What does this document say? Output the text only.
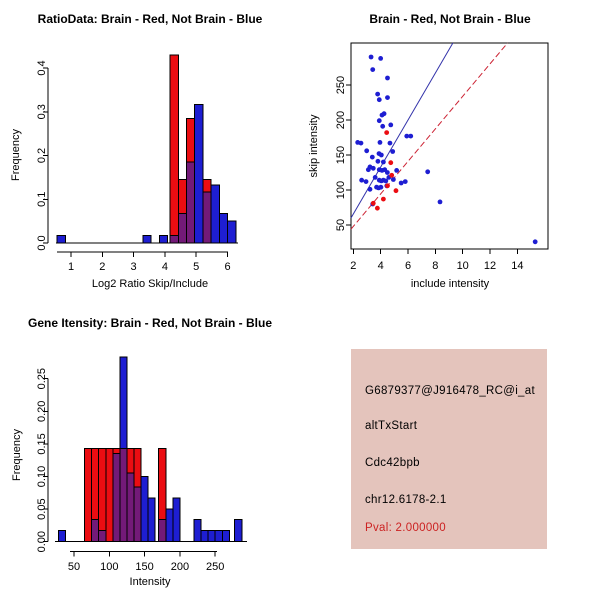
0.0
0.1
0.2
0.3
0.4
1 2 3 4 5 6
RatioData: Brain - Red, Not Brain - Blue
Frequency
Log2 Ratio Skip/Include
2 4 6 8 10 12 14
50
100
150
200
250
Brain - Red, Not Brain - Blue
skip intensity
include intensity
0.00
0.05
0.10
0.15
0.20
0.25
50 100 150 200 250
Gene Itensity: Brain - Red, Not Brain - Blue
Frequency
Intensity
G6879377@J916478_RC@i_at
altTxStart
Cdc42bpb
chr12.6178-2.1
Pval: 2.000000
